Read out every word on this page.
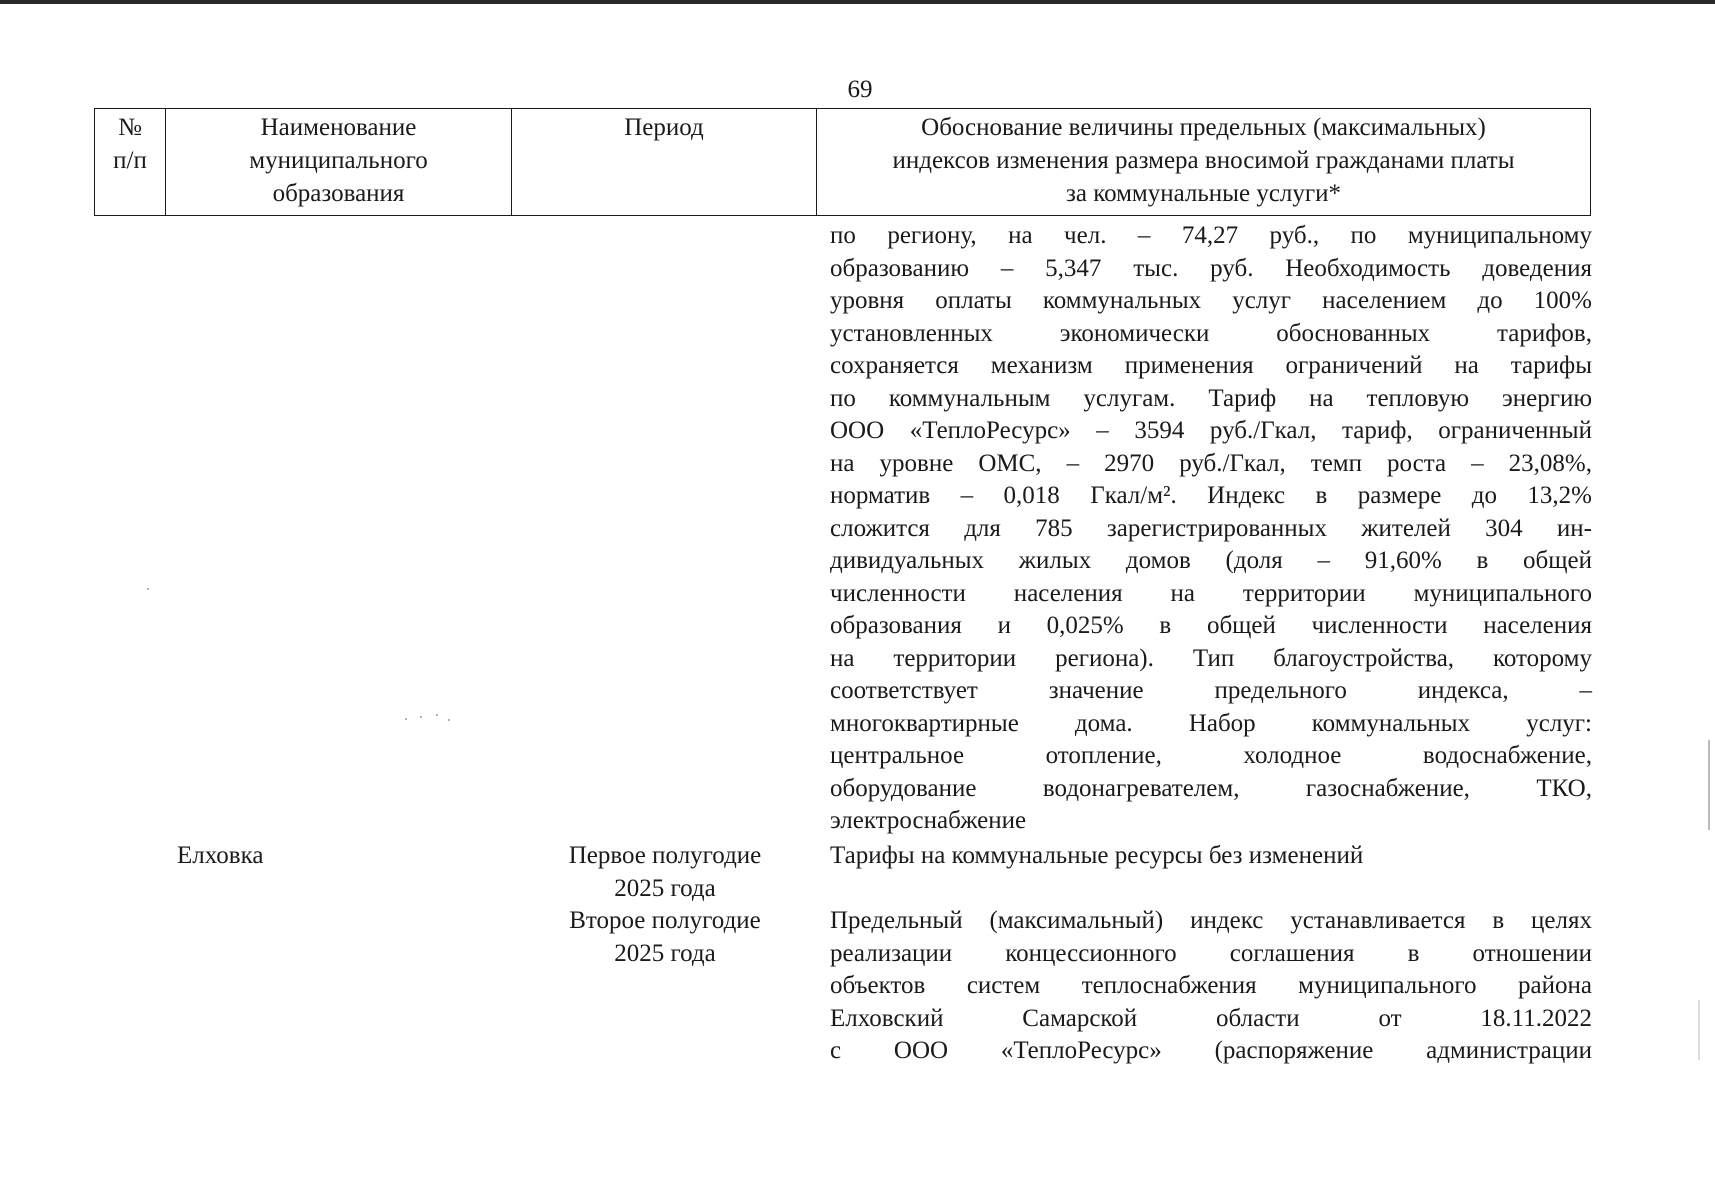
69
№
п/п
Наименование
муниципального
образования
Период	Обоснование величины предельных (максимальных)
индексов изменения размера вносимой гражданами платы
за коммунальные услуги*
по региону, на чел. – 74,27 руб., по муниципальному
образованию – 5,347 тыс. руб. Необходимость доведения
уровня оплаты коммунальных услуг населением до 100%
установленных экономически обоснованных тарифов,
сохраняется механизм применения ограничений на тарифы
по коммунальным услугам. Тариф на тепловую энергию
ООО «ТеплоРесурс» – 3594 руб./Гкал, тариф, ограниченный
на уровне ОМС, – 2970 руб./Гкал, темп роста – 23,08%,
норматив – 0,018 Гкал/м². Индекс в размере до 13,2%
сложится для 785 зарегистрированных жителей 304 ин-
дивидуальных жилых домов (доля – 91,60% в общей
численности населения на территории муниципального
образования и 0,025% в общей численности населения
на территории региона). Тип благоустройства, которому
соответствует значение предельного индекса, –
многоквартирные дома. Набор коммунальных услуг:
центральное отопление, холодное водоснабжение,
оборудование водонагревателем, газоснабжение, ТКО,
электроснабжение
Елховка	Первое полугодие
2025 года
Тарифы на коммунальные ресурсы без изменений
Второе полугодие
2025 года
Предельный (максимальный) индекс устанавливается в целях
реализации концессионного соглашения в отношении
объектов систем теплоснабжения муниципального района
Елховский Самарской области от 18.11.2022
с ООО «ТеплоРесурс» (распоряжение администрации
